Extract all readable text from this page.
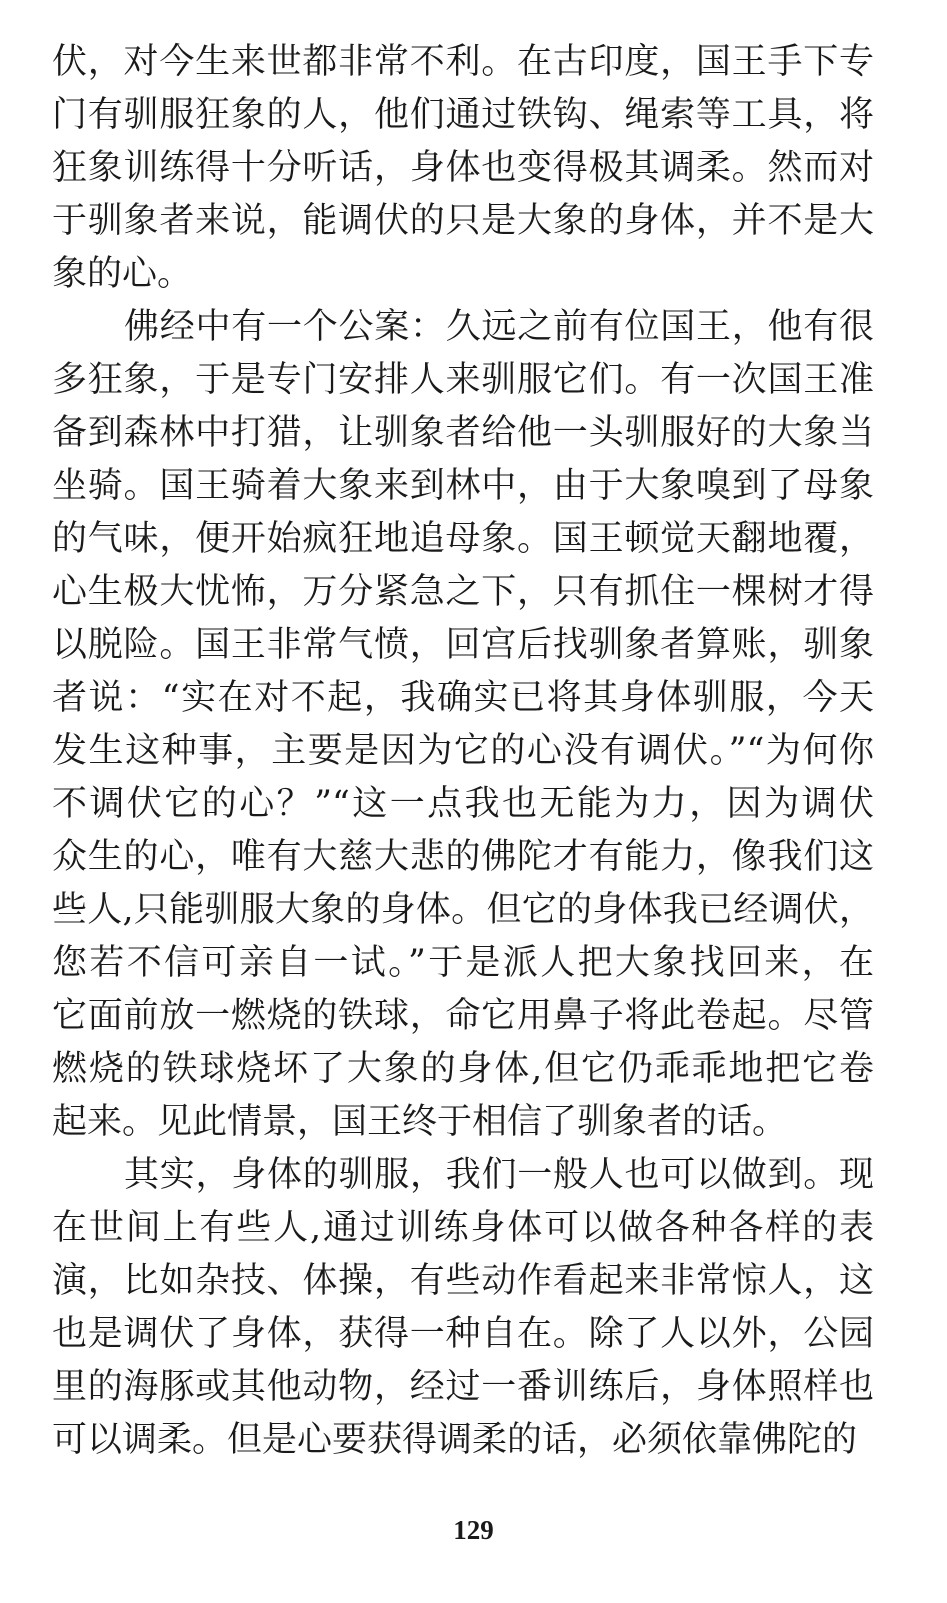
伏，对今生来世都非常不利。在古印度，国王手下专
门有驯服狂象的人，他们通过铁钩、绳索等工具，将
狂象训练得十分听话，身体也变得极其调柔。然而对
于驯象者来说，能调伏的只是大象的身体，并不是大
象的心。
佛经中有一个公案：久远之前有位国王，他有很
多狂象，于是专门安排人来驯服它们。有一次国王准
备到森林中打猎，让驯象者给他一头驯服好的大象当
坐骑。国王骑着大象来到林中，由于大象嗅到了母象
的气味，便开始疯狂地追母象。国王顿觉天翻地覆，
心生极大忧怖，万分紧急之下，只有抓住一棵树才得
以脱险。国王非常气愤，回宫后找驯象者算账，驯象
者说：“实在对不起，我确实已将其身体驯服，今天
发生这种事，主要是因为它的心没有调伏。”“为何你
不调伏它的心？”“这一点我也无能为力，因为调伏
众生的心，唯有大慈大悲的佛陀才有能力，像我们这
些人,只能驯服大象的身体。但它的身体我已经调伏，
您若不信可亲自一试。”于是派人把大象找回来，在
它面前放一燃烧的铁球，命它用鼻子将此卷起。尽管
燃烧的铁球烧坏了大象的身体,但它仍乖乖地把它卷
起来。见此情景，国王终于相信了驯象者的话。
其实，身体的驯服，我们一般人也可以做到。现
在世间上有些人,通过训练身体可以做各种各样的表
演，比如杂技、体操，有些动作看起来非常惊人，这
也是调伏了身体，获得一种自在。除了人以外，公园
里的海豚或其他动物，经过一番训练后，身体照样也
可以调柔。但是心要获得调柔的话，必须依靠佛陀的
129
